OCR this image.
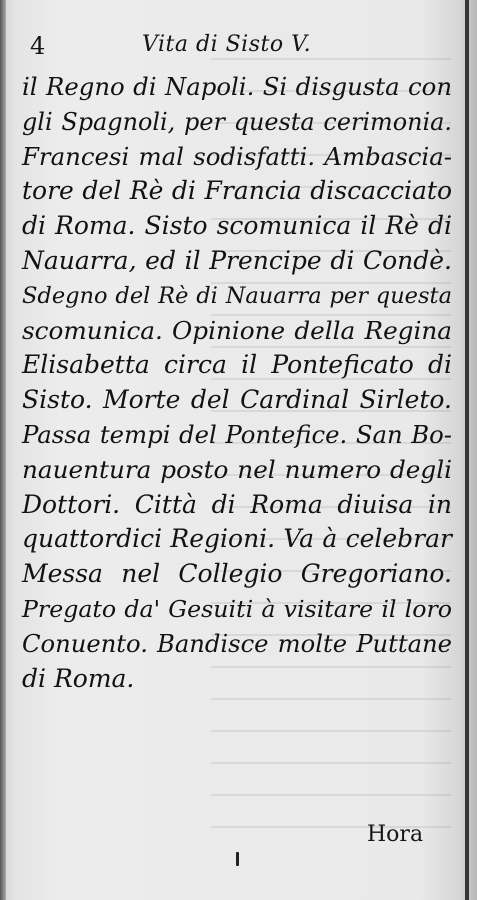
4	Vita di Sisto V.
il Regno di Napoli. Si disgusta con
gli Spagnoli, per questa cerimonia.
Francesi mal sodisfatti. Ambascia-
tore del Rè di Francia discacciato
di Roma. Sisto scomunica il Rè di
Nauarra, ed il Prencipe di Condè.
Sdegno del Rè di Nauarra per questa
scomunica. Opinione della Regina
Elisabetta circa il Ponteficato di
Sisto. Morte del Cardinal Sirleto.
Passa tempi del Pontefice. San Bo-
nauentura posto nel numero degli
Dottori. Città di Roma diuisa in
quattordici Regioni. Va à celebrar
Messa nel Collegio Gregoriano.
Pregato da' Gesuiti à visitare il loro
Conuento. Bandisce molte Puttane
di Roma.
Hora
